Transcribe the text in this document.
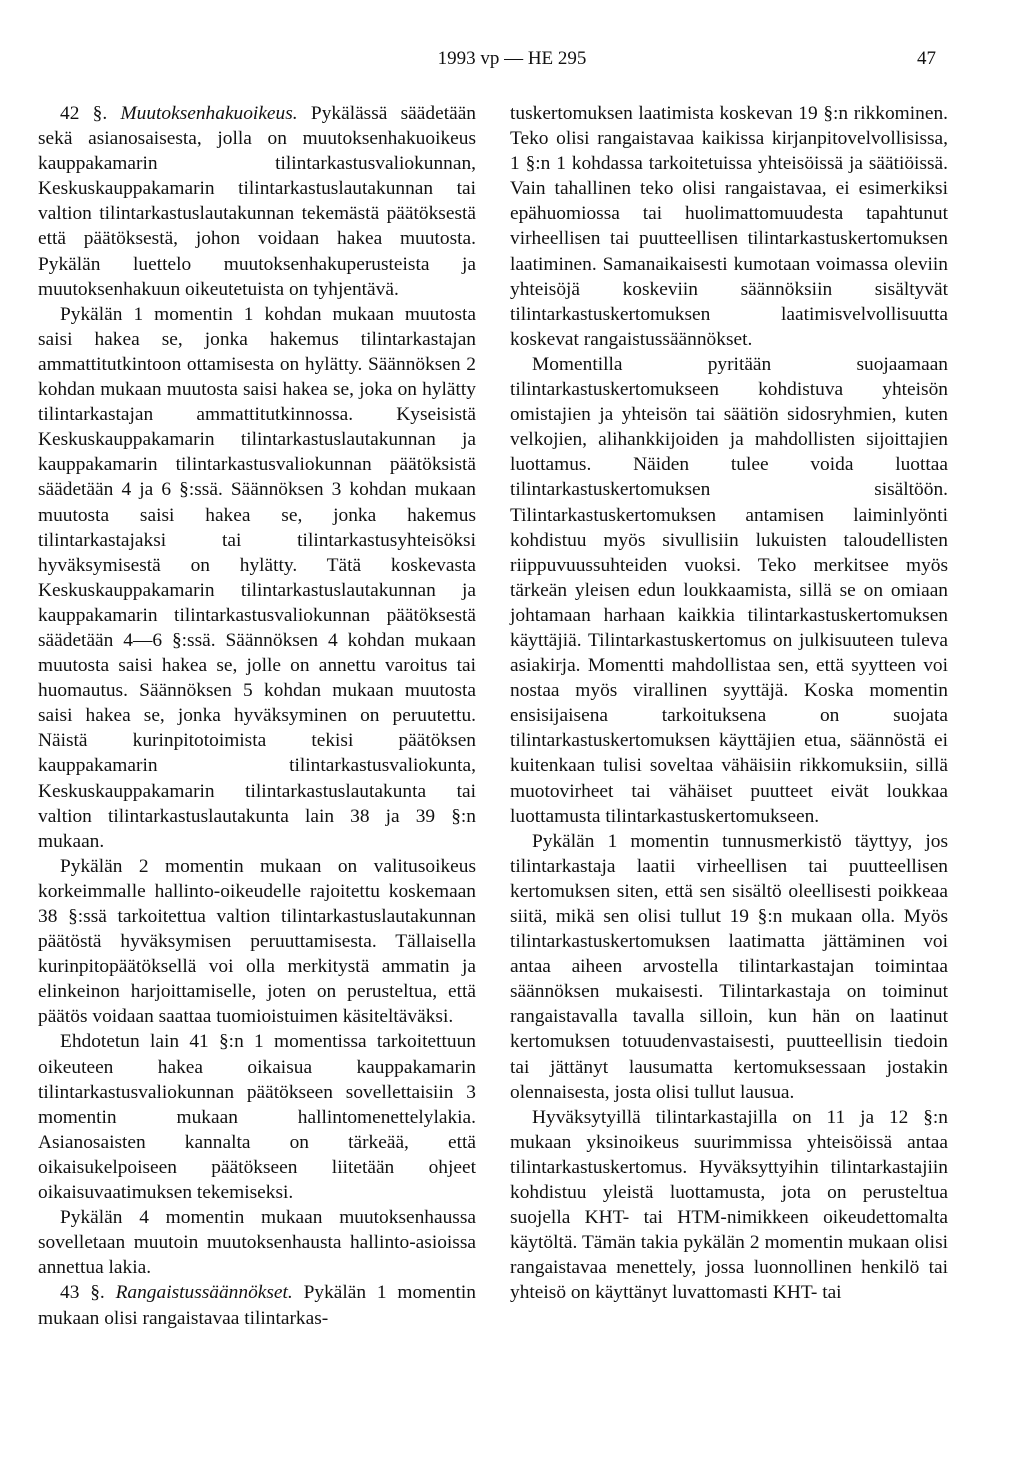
1993 vp — HE 295	47

42 §. Muutoksenhakuoikeus. Pykälässä säädetään sekä asianosaisesta, jolla on muutoksenhakuoikeus kauppakamarin tilintarkastusvaliokunnan, Keskuskauppakamarin tilintarkastuslautakunnan tai valtion tilintarkastuslautakunnan tekemästä päätöksestä että päätöksestä, johon voidaan hakea muutosta. Pykälän luettelo muutoksenhakuperusteista ja muutoksenhakuun oikeutetuista on tyhjentävä.

Pykälän 1 momentin 1 kohdan mukaan muutosta saisi hakea se, jonka hakemus tilintarkastajan ammattitutkintoon ottamisesta on hylätty. Säännöksen 2 kohdan mukaan muutosta saisi hakea se, joka on hylätty tilintarkastajan ammattitutkinnossa. Kyseisistä Keskuskauppakamarin tilintarkastuslautakunnan ja kauppakamarin tilintarkastusvaliokunnan päätöksistä säädetään 4 ja 6 §:ssä. Säännöksen 3 kohdan mukaan muutosta saisi hakea se, jonka hakemus tilintarkastajaksi tai tilintarkastusyhteisöksi hyväksymisestä on hylätty. Tätä koskevasta Keskuskauppakamarin tilintarkastuslautakunnan ja kauppakamarin tilintarkastusvaliokunnan päätöksestä säädetään 4—6 §:ssä. Säännöksen 4 kohdan mukaan muutosta saisi hakea se, jolle on annettu varoitus tai huomautus. Säännöksen 5 kohdan mukaan muutosta saisi hakea se, jonka hyväksyminen on peruutettu. Näistä kurinpitotoimista tekisi päätöksen kauppakamarin tilintarkastusvaliokunta, Keskuskauppakamarin tilintarkastuslautakunta tai valtion tilintarkastuslautakunta lain 38 ja 39 §:n mukaan.

Pykälän 2 momentin mukaan on valitusoikeus korkeimmalle hallinto-oikeudelle rajoitettu koskemaan 38 §:ssä tarkoitettua valtion tilintarkastuslautakunnan päätöstä hyväksymisen peruuttamisesta. Tällaisella kurinpitopäätöksellä voi olla merkitystä ammatin ja elinkeinon harjoittamiselle, joten on perusteltua, että päätös voidaan saattaa tuomioistuimen käsiteltäväksi.

Ehdotetun lain 41 §:n 1 momentissa tarkoitettuun oikeuteen hakea oikaisua kauppakamarin tilintarkastusvaliokunnan päätökseen sovellettaisiin 3 momentin mukaan hallintomenettelylakia. Asianosaisten kannalta on tärkeää, että oikaisukelpoiseen päätökseen liitetään ohjeet oikaisuvaatimuksen tekemiseksi.

Pykälän 4 momentin mukaan muutoksenhaussa sovelletaan muutoin muutoksenhausta hallinto-asioissa annettua lakia.

43 §. Rangaistussäännökset. Pykälän 1 momentin mukaan olisi rangaistavaa tilintarkas-

tuskertomuksen laatimista koskevan 19 §:n rikkominen. Teko olisi rangaistavaa kaikissa kirjanpitovelvollisissa, 1 §:n 1 kohdassa tarkoitetuissa yhteisöissä ja säätiöissä. Vain tahallinen teko olisi rangaistavaa, ei esimerkiksi epähuomiossa tai huolimattomuudesta tapahtunut virheellisen tai puutteellisen tilintarkastuskertomuksen laatiminen. Samanaikaisesti kumotaan voimassa oleviin yhteisöjä koskeviin säännöksiin sisältyvät tilintarkastuskertomuksen laatimisvelvollisuutta koskevat rangaistussäännökset.

Momentilla pyritään suojaamaan tilintarkastuskertomukseen kohdistuva yhteisön omistajien ja yhteisön tai säätiön sidosryhmien, kuten velkojien, alihankkijoiden ja mahdollisten sijoittajien luottamus. Näiden tulee voida luottaa tilintarkastuskertomuksen sisältöön. Tilintarkastuskertomuksen antamisen laiminlyönti kohdistuu myös sivullisiin lukuisten taloudellisten riippuvuussuhteiden vuoksi. Teko merkitsee myös tärkeän yleisen edun loukkaamista, sillä se on omiaan johtamaan harhaan kaikkia tilintarkastuskertomuksen käyttäjiä. Tilintarkastuskertomus on julkisuuteen tuleva asiakirja. Momentti mahdollistaa sen, että syytteen voi nostaa myös virallinen syyttäjä. Koska momentin ensisijaisena tarkoituksena on suojata tilintarkastuskertomuksen käyttäjien etua, säännöstä ei kuitenkaan tulisi soveltaa vähäisiin rikkomuksiin, sillä muotovirheet tai vähäiset puutteet eivät loukkaa luottamusta tilintarkastuskertomukseen.

Pykälän 1 momentin tunnusmerkistö täyttyy, jos tilintarkastaja laatii virheellisen tai puutteellisen kertomuksen siten, että sen sisältö oleellisesti poikkeaa siitä, mikä sen olisi tullut 19 §:n mukaan olla. Myös tilintarkastuskertomuksen laatimatta jättäminen voi antaa aiheen arvostella tilintarkastajan toimintaa säännöksen mukaisesti. Tilintarkastaja on toiminut rangaistavalla tavalla silloin, kun hän on laatinut kertomuksen totuudenvastaisesti, puutteellisin tiedoin tai jättänyt lausumatta kertomuksessaan jostakin olennaisesta, josta olisi tullut lausua.

Hyväksytyillä tilintarkastajilla on 11 ja 12 §:n mukaan yksinoikeus suurimmissa yhteisöissä antaa tilintarkastuskertomus. Hyväksyttyihin tilintarkastajiin kohdistuu yleistä luottamusta, jota on perusteltua suojella KHT- tai HTM-nimikkeen oikeudettomalta käytöltä. Tämän takia pykälän 2 momentin mukaan olisi rangaistavaa menettely, jossa luonnollinen henkilö tai yhteisö on käyttänyt luvattomasti KHT- tai
